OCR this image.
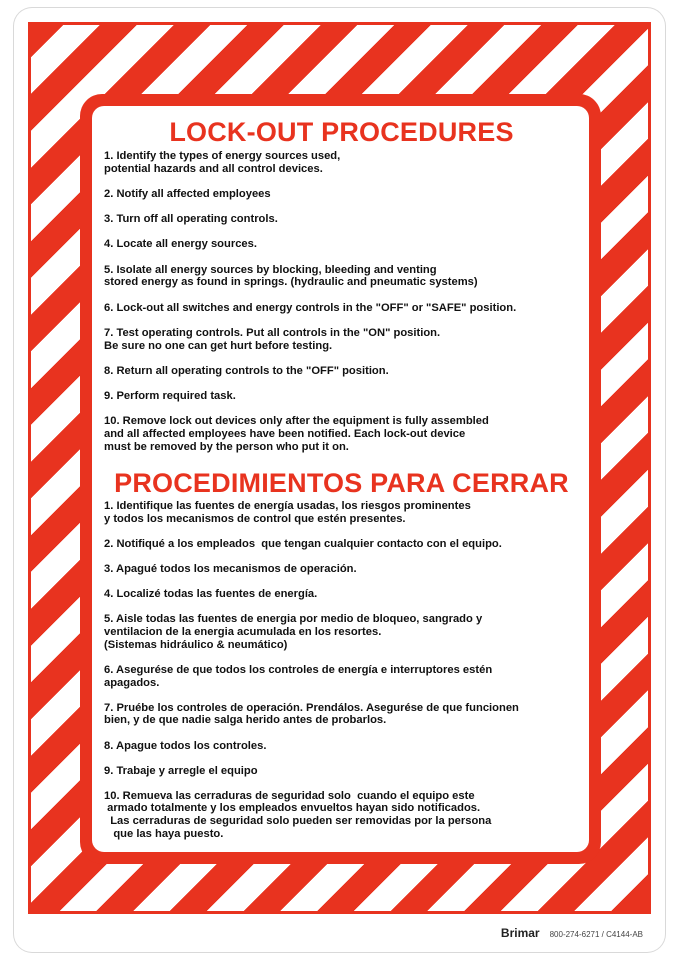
LOCK-OUT PROCEDURES
1. Identify the types of energy sources used,
potential hazards and all control devices.
2. Notify all affected employees
3. Turn off all operating controls.
4. Locate all energy sources.
5. Isolate all energy sources by blocking, bleeding and venting
stored energy as found in springs. (hydraulic and pneumatic systems)
6. Lock-out all switches and energy controls in the "OFF" or "SAFE" position.
7. Test operating controls. Put all controls in the "ON" position.
Be sure no one can get hurt before testing.
8. Return all operating controls to the "OFF" position.
9. Perform required task.
10. Remove lock out devices only after the equipment is fully assembled
and all affected employees have been notified. Each lock-out device
must be removed by the person who put it on.
PROCEDIMIENTOS PARA CERRAR
1. Identifique las fuentes de energía usadas, los riesgos prominentes
y todos los mecanismos de control que estén presentes.
2. Notifiqué a los empleados  que tengan cualquier contacto con el equipo.
3. Apagué todos los mecanismos de operación.
4. Localizé todas las fuentes de energía.
5. Aisle todas las fuentes de energia por medio de bloqueo, sangrado y
ventilacion de la energia acumulada en los resortes.
(Sistemas hidráulico & neumático)
6. Asegurése de que todos los controles de energía e interruptores estén
apagados.
7. Pruébe los controles de operación. Prendálos. Asegurése de que funcionen
bien, y de que nadie salga herido antes de probarlos.
8. Apague todos los controles.
9. Trabaje y arregle el equipo
10. Remueva las cerraduras de seguridad solo  cuando el equipo este
armado totalmente y los empleados envueltos hayan sido notificados.
Las cerraduras de seguridad solo pueden ser removidas por la persona
que las haya puesto.
Brimar 800-274-6271 / C4144-AB
